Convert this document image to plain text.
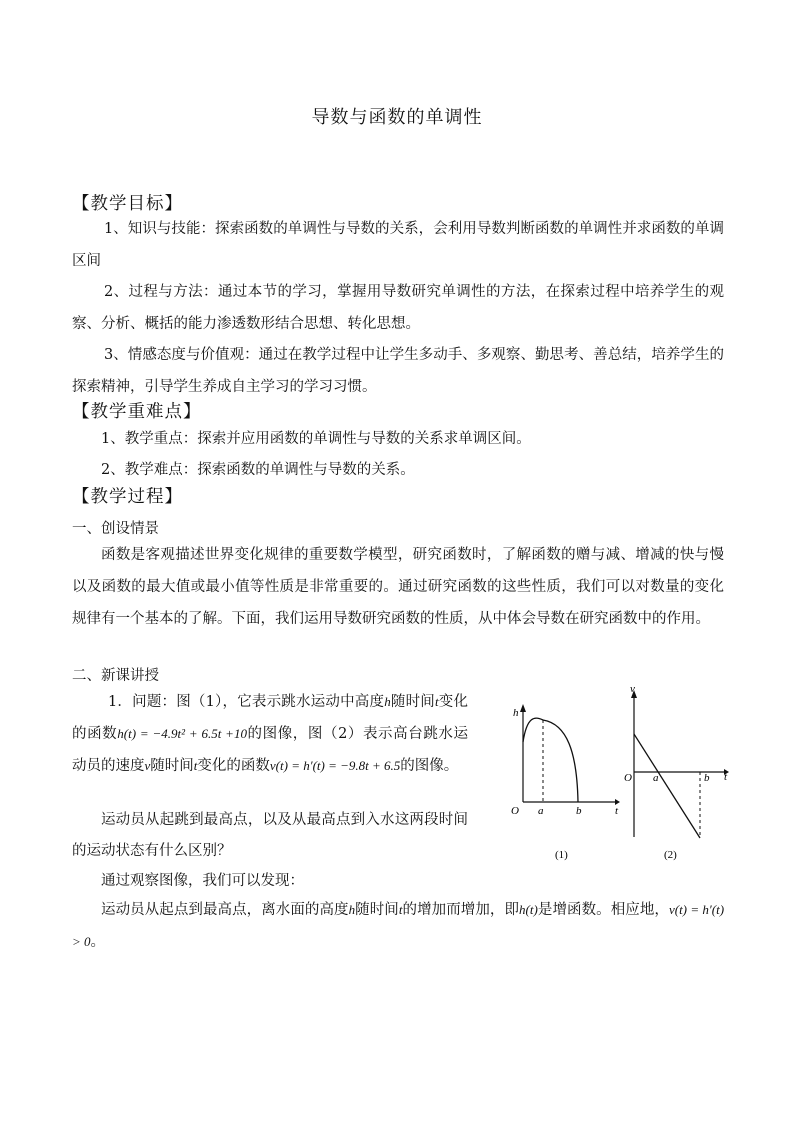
导数与函数的单调性
【教学目标】
1、知识与技能：探索函数的单调性与导数的关系，会利用导数判断函数的单调性并求函数的单调区间
2、过程与方法：通过本节的学习，掌握用导数研究单调性的方法，在探索过程中培养学生的观察、分析、概括的能力渗透数形结合思想、转化思想。
3、情感态度与价值观：通过在教学过程中让学生多动手、多观察、勤思考、善总结，培养学生的探索精神，引导学生养成自主学习的学习习惯。
【教学重难点】
1、教学重点：探索并应用函数的单调性与导数的关系求单调区间。
2、教学难点：探索函数的单调性与导数的关系。
【教学过程】
一、创设情景
函数是客观描述世界变化规律的重要数学模型，研究函数时，了解函数的赠与减、增减的快与慢以及函数的最大值或最小值等性质是非常重要的。通过研究函数的这些性质，我们可以对数量的变化规律有一个基本的了解。下面，我们运用导数研究函数的性质，从中体会导数在研究函数中的作用。
二、新课讲授
1．问题：图（1），它表示跳水运动中高度h随时间t变化的函数h(t) = −4.9t² + 6.5t +10的图像，图（2）表示高台跳水运动员的速度v随时间t变化的函数v(t) = h′(t) = −9.8t + 6.5的图像。
运动员从起跳到最高点，以及从最高点到入水这两段时间的运动状态有什么区别？
通过观察图像，我们可以发现：
运动员从起点到最高点，离水面的高度h随时间t的增加而增加，即h(t)是增函数。相应地，v(t) = h′(t) > 0。
h
t
O a	b
(1)
v
t
O a	b
(2)
